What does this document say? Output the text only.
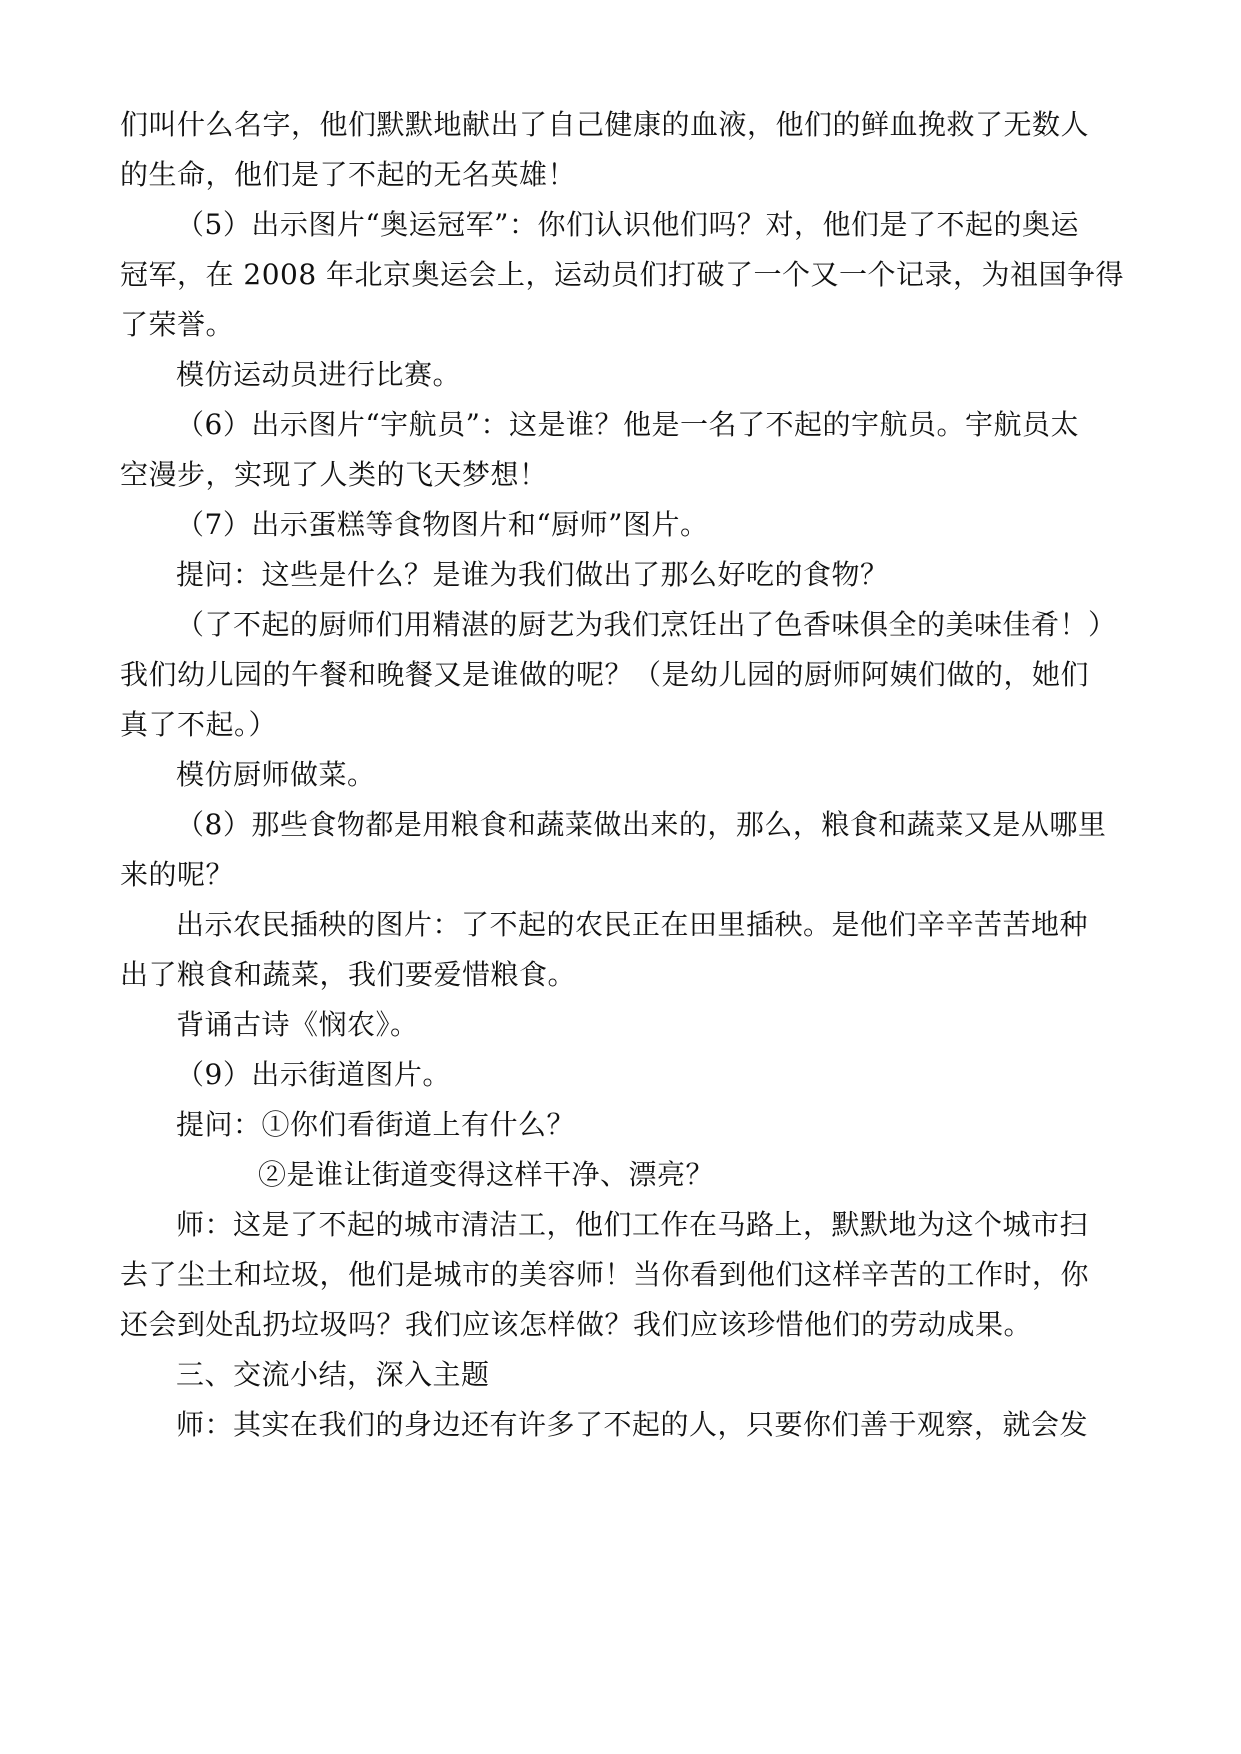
们叫什么名字，他们默默地献出了自己健康的血液，他们的鲜血挽救了无数人
的生命，他们是了不起的无名英雄！
（5）出示图片“奥运冠军”：你们认识他们吗？对，他们是了不起的奥运
冠军，在 2008 年北京奥运会上，运动员们打破了一个又一个记录，为祖国争得
了荣誉。
模仿运动员进行比赛。
（6）出示图片“宇航员”：这是谁？他是一名了不起的宇航员。宇航员太
空漫步，实现了人类的飞天梦想！
（7）出示蛋糕等食物图片和“厨师”图片。
提问：这些是什么？是谁为我们做出了那么好吃的食物？
（了不起的厨师们用精湛的厨艺为我们烹饪出了色香味俱全的美味佳肴！）
我们幼儿园的午餐和晚餐又是谁做的呢？（是幼儿园的厨师阿姨们做的，她们
真了不起。）
模仿厨师做菜。
（8）那些食物都是用粮食和蔬菜做出来的，那么，粮食和蔬菜又是从哪里
来的呢？
出示农民插秧的图片：了不起的农民正在田里插秧。是他们辛辛苦苦地种
出了粮食和蔬菜，我们要爱惜粮食。
背诵古诗《悯农》。
（9）出示街道图片。
提问：①你们看街道上有什么？
②是谁让街道变得这样干净、漂亮？
师：这是了不起的城市清洁工，他们工作在马路上，默默地为这个城市扫
去了尘土和垃圾，他们是城市的美容师！当你看到他们这样辛苦的工作时，你
还会到处乱扔垃圾吗？我们应该怎样做？我们应该珍惜他们的劳动成果。
三、交流小结，深入主题
师：其实在我们的身边还有许多了不起的人，只要你们善于观察，就会发
